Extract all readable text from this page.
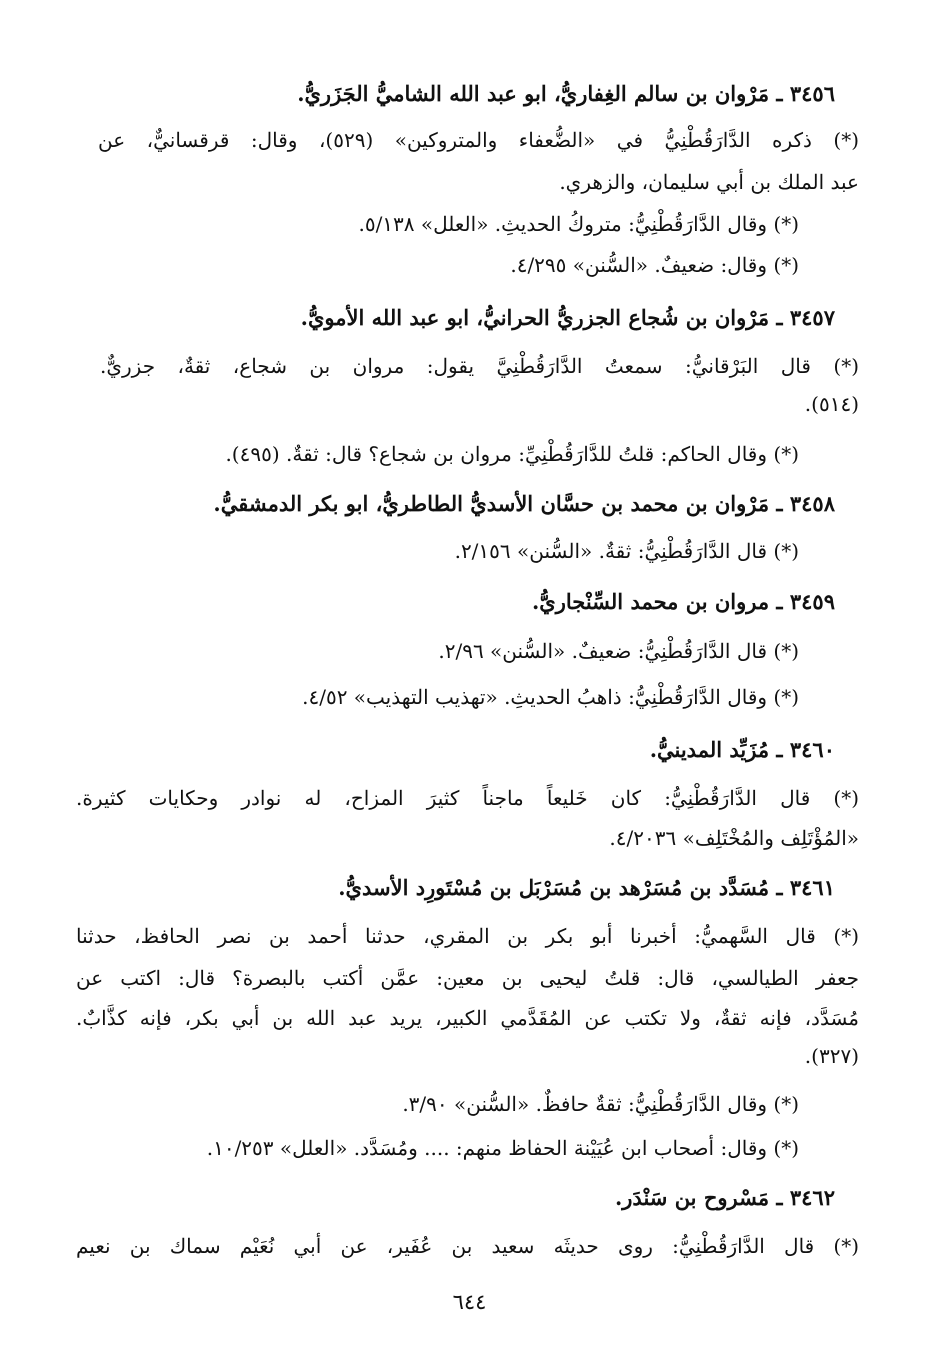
٣٤٥٦ ـ مَرْوان بن سالم الغِفاريُّ، ابو عبد الله الشاميُّ الجَزَريُّ.

(*) ذكره الدَّارَقُطْنِيُّ في «الضُّعفاء والمتروكين» (٥٢٩)، وقال: قرقسانيٌّ، عن

عبد الملك بن أبي سليمان، والزهري.

(*) وقال الدَّارَقُطْنِيُّ: متروكُ الحديثِ. «العلل» ٥/١٣٨.

(*) وقال: ضعيفٌ. «السُّنن» ٤/٢٩٥.

٣٤٥٧ ـ مَرْوان بن شُجاع الجزريُّ الحرانيُّ، ابو عبد الله الأمويُّ.

(*) قال البَرْقانيُّ: سمعتُ الدَّارَقُطْنِيَّ يقول: مروان بن شجاع، ثقةٌ، جزريٌّ.

(٥١٤).

(*) وقال الحاكم: قلتُ للدَّارَقُطْنِيِّ: مروان بن شجاع؟ قال: ثقةٌ. (٤٩٥).

٣٤٥٨ ـ مَرْوان بن محمد بن حسَّان الأسديُّ الطاطريُّ، ابو بكر الدمشقيُّ.

(*) قال الدَّارَقُطْنِيُّ: ثقةٌ. «السُّنن» ٢/١٥٦.

٣٤٥٩ ـ مروان بن محمد السِّنْجاريُّ.

(*) قال الدَّارَقُطْنِيُّ: ضعيفٌ. «السُّنن» ٢/٩٦.

(*) وقال الدَّارَقُطْنِيُّ: ذاهبُ الحديثِ. «تهذيب التهذيب» ٤/٥٢.

٣٤٦٠ ـ مُزَيِّد المدينيُّ.

(*) قال الدَّارَقُطْنِيُّ: كان خَليعاً ماجناً كثيرَ المزاح، له نوادر وحكايات كثيرة.

«المُؤْتَلِف والمُخْتَلِف» ٤/٢٠٣٦.

٣٤٦١ ـ مُسَدَّد بن مُسَرْهد بن مُسَرْبَل بن مُسْتَورِد الأسديُّ.

(*) قال السَّهميُّ: أخبرنا أبو بكر بن المقري، حدثنا أحمد بن نصر الحافظ، حدثنا

جعفر الطيالسي، قال: قلتُ ليحيى بن معين: عمَّن أكتب بالبصرة؟ قال: اكتب عن

مُسَدَّد، فإنه ثقةٌ، ولا تكتب عن المُقَدَّمي الكبير، يريد عبد الله بن أبي بكر، فإنه كذَّابٌ.

(٣٢٧).

(*) وقال الدَّارَقُطْنِيُّ: ثقةٌ حافظٌ. «السُّنن» ٣/٩٠.

(*) وقال: أصحاب ابن عُيَيْنة الحفاظ منهم: .... ومُسَدَّد. «العلل» ١٠/٢٥٣.

٣٤٦٢ ـ مَسْروح بن سَنْدَر.

(*) قال الدَّارَقُطْنِيُّ: روى حديثَه سعيد بن عُفَير، عن أبي نُعَيْم سماك بن نعيم

٦٤٤
